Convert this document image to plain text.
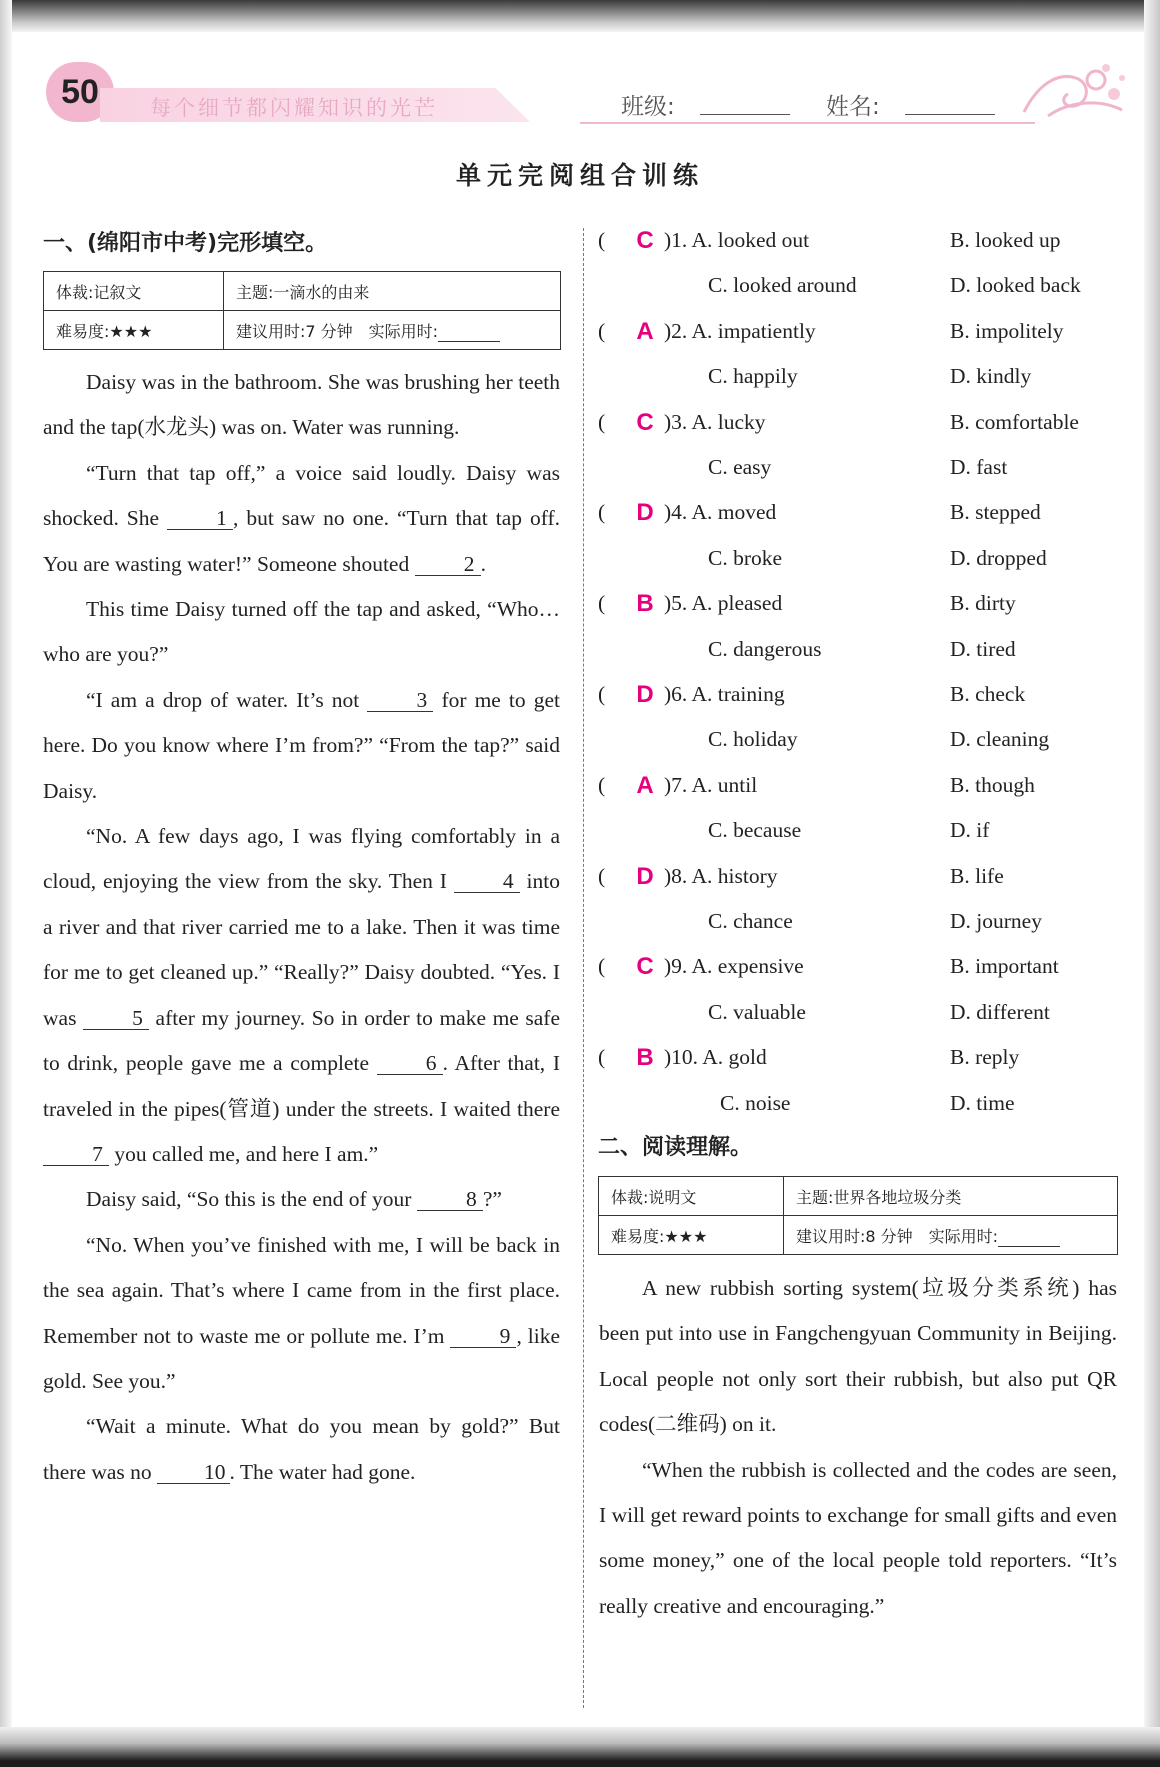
50	每个细节都闪耀知识的光芒	班级:	姓名:
单元完阅组合训练
一、(绵阳市中考)完形填空。
体裁:记叙文	主题:一滴水的由来
难易度:★★★	建议用时:7 分钟　实际用时:

Daisy was in the bathroom. She was brushing her teeth and the tap(水龙头) was on. Water was running.

“Turn that tap off,” a voice said loudly. Daisy was shocked. She 1 , but saw no one. “Turn that tap off. You are wasting water!” Someone shouted 2 .

This time Daisy turned off the tap and asked, “Who… who are you?”

“I am a drop of water. It’s not 3 for me to get here. Do you know where I’m from?” “From the tap?” said Daisy.

“No. A few days ago, I was flying comfortably in a cloud, enjoying the view from the sky. Then I 4 into a river and that river carried me to a lake. Then it was time for me to get cleaned up.” “Really?” Daisy doubted. “Yes. I was 5 after my journey. So in order to make me safe to drink, people gave me a complete 6 . After that, I traveled in the pipes(管道) under the streets. I waited there 7 you called me, and here I am.”

Daisy said, “So this is the end of your 8 ?”

“No. When you’ve finished with me, I will be back in the sea again. That’s where I came from in the first place. Remember not to waste me or pollute me. I’m 9 , like gold. See you.”

“Wait a minute. What do you mean by gold?” But there was no 10 . The water had gone.

( C )1. A. looked out	B. looked up
C. looked around	D. looked back
( A )2. A. impatiently	B. impolitely
C. happily	D. kindly
( C )3. A. lucky	B. comfortable
C. easy	D. fast
( D )4. A. moved	B. stepped
C. broke	D. dropped
( B )5. A. pleased	B. dirty
C. dangerous	D. tired
( D )6. A. training	B. check
C. holiday	D. cleaning
( A )7. A. until	B. though
C. because	D. if
( D )8. A. history	B. life
C. chance	D. journey
( C )9. A. expensive	B. important
C. valuable	D. different
( B )10. A. gold	B. reply
C. noise	D. time
二、阅读理解。
体裁:说明文	主题:世界各地垃圾分类
难易度:★★★	建议用时:8 分钟　实际用时:

A new rubbish sorting system(垃圾分类系统) has been put into use in Fangchengyuan Community in Beijing. Local people not only sort their rubbish, but also put QR codes(二维码) on it.

“When the rubbish is collected and the codes are seen, I will get reward points to exchange for small gifts and even some money,” one of the local people told reporters. “It’s really creative and encouraging.”
